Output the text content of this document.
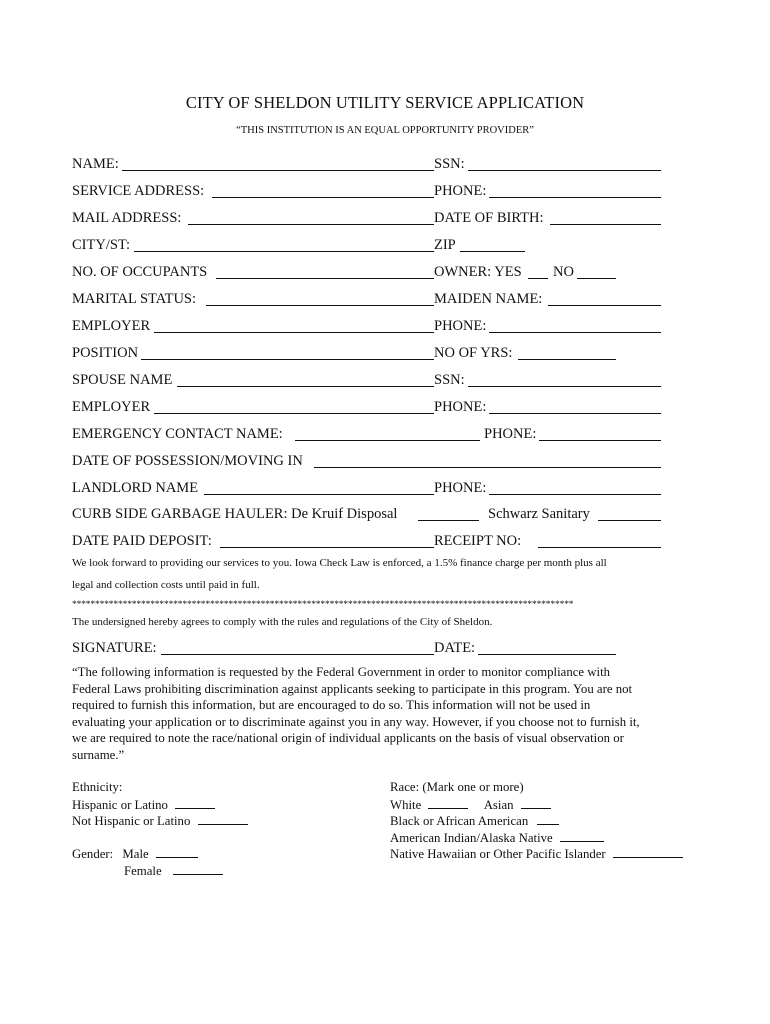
CITY OF SHELDON UTILITY SERVICE APPLICATION
“THIS INSTITUTION IS AN EQUAL OPPORTUNITY PROVIDER”
NAME:	SSN:
SERVICE ADDRESS:	PHONE:
MAIL ADDRESS:	DATE OF BIRTH:
CITY/ST:	ZIP
NO. OF OCCUPANTS	OWNER: YES NO
MARITAL STATUS:	MAIDEN NAME:
EMPLOYER	PHONE:
POSITION	NO OF YRS:
SPOUSE NAME	SSN:
EMPLOYER	PHONE:
EMERGENCY CONTACT NAME:	PHONE:
DATE OF POSSESSION/MOVING IN
LANDLORD NAME	PHONE:
CURB SIDE GARBAGE HAULER: De Kruif Disposal	Schwarz Sanitary
DATE PAID DEPOSIT:	RECEIPT NO:
We look forward to providing our services to you. Iowa Check Law is enforced, a 1.5% finance charge per month plus all
legal and collection costs until paid in full.
*************************************************************************************************************
The undersigned hereby agrees to comply with the rules and regulations of the City of Sheldon.
SIGNATURE:	DATE:

“The following information is requested by the Federal Government in order to monitor compliance with

Federal Laws prohibiting discrimination against applicants seeking to participate in this program. You are not

required to furnish this information, but are encouraged to do so. This information will not be used in

evaluating your application or to discriminate against you in any way. However, if you choose not to furnish it,

we are required to note the race/national origin of individual applicants on the basis of visual observation or

surname.”

Ethnicity:
Hispanic or Latino
Not Hispanic or Latino
Gender: Male
Female
Race: (Mark one or more)
White	Asian
Black or African American
American Indian/Alaska Native
Native Hawaiian or Other Pacific Islander
